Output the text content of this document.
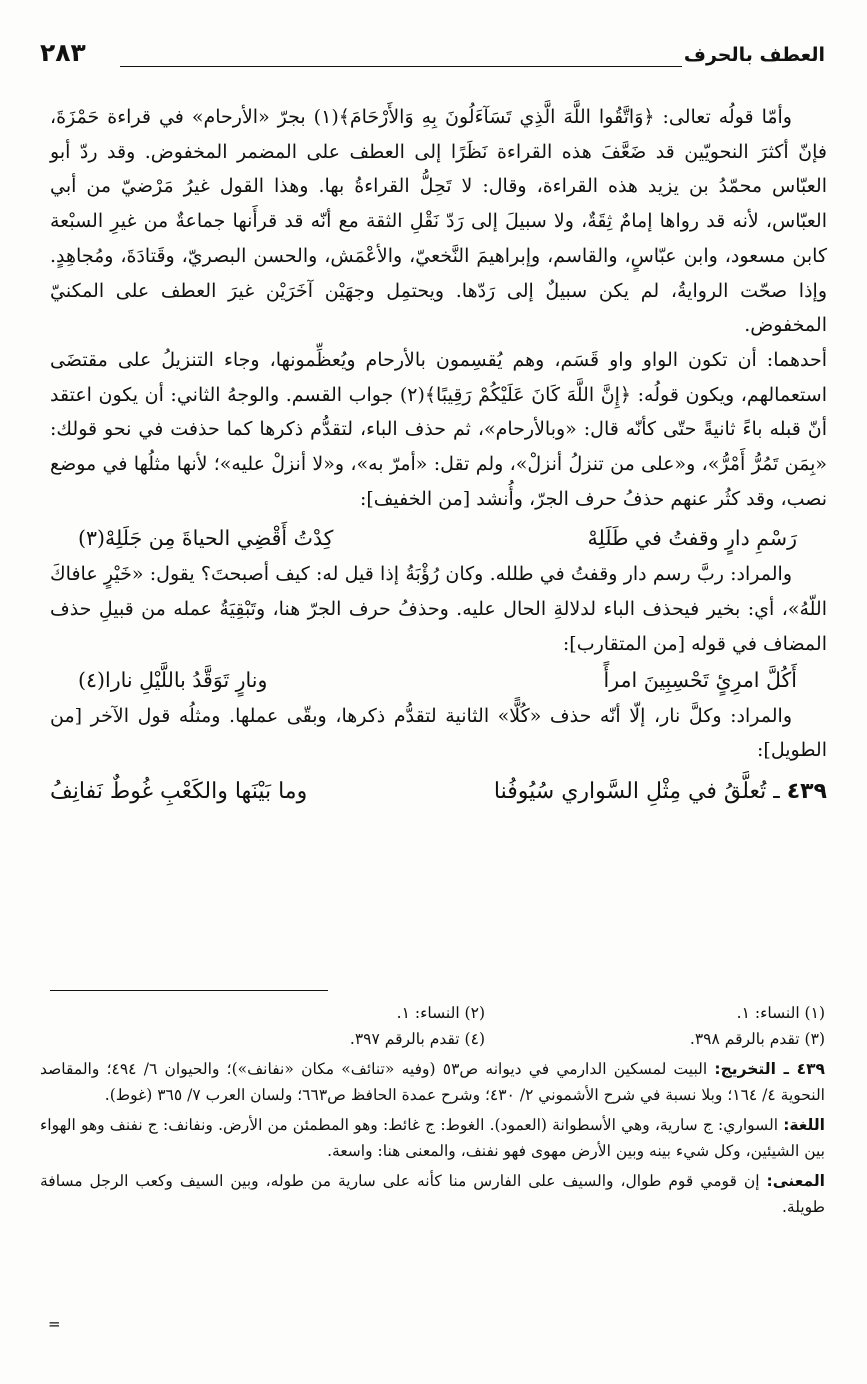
العطف بالحرف
٢٨٣

وأمّا قولُه تعالى: ﴿وَاتَّقُوا اللَّهَ الَّذِي تَسَآءَلُونَ بِهِ وَالأَرْحَامَ﴾(١) بجرّ «الأرحام» في قراءة حَمْزَةَ، فإنّ أكثرَ النحويّين قد ضَعَّفَ هذه القراءة نَظَرًا إلى العطف على المضمر المخفوض. وقد ردّ أبو العبّاس محمّدُ بن يزيد هذه القراءة، وقال: لا تَحِلُّ القراءةُ بها. وهذا القول غيرُ مَرْضيّ من أبي العبّاس، لأنه قد رواها إمامٌ ثِقَةٌ، ولا سبيلَ إلى رَدّ نَقْلِ الثقة مع أنّه قد قرأَنها جماعةٌ من غيرِ السبْعة كابن مسعود، وابن عبّاسٍ، والقاسم، وإبراهيمَ النَّخعيّ، والأعْمَش، والحسن البصريّ، وقَتادَةَ، ومُجاهِدٍ. وإذا صحّت الروايةُ، لم يكن سبيلٌ إلى رَدّها. ويحتمِل وجهَيْن آخَرَيْن غيرَ العطف على المكنيّ المخفوض.

أحدهما: أن تكون الواو واو قَسَم، وهم يُقسِمون بالأرحام ويُعظِّمونها، وجاء التنزيلُ على مقتضَى استعمالهم، ويكون قولُه: ﴿إِنَّ اللَّهَ كَانَ عَلَيْكُمْ رَقِيبًا﴾(٢) جواب القسم. والوجهُ الثاني: أن يكون اعتقد أنّ قبله باءً ثانيةً حتّى كأنّه قال: «وبالأرحام»، ثم حذف الباء، لتقدُّم ذكرها كما حذفت في نحو قولك: «بِمَن تَمُرُّ أَمْرُّ»، و«على من تنزلُ أنزلْ»، ولم تقل: «أمرّ به»، و«لا أنزلْ عليه»؛ لأنها مثلُها في موضع نصب، وقد كثُر عنهم حذفُ حرف الجرّ، وأُنشد [من الخفيف]:

رَسْمِ دارٍ وقفتُ في طَلَلِهْ
كِدْتُ أَقْضِي الحياةَ مِن جَلَلِهْ(٣)

والمراد: ربَّ رسم دار وقفتُ في طلله. وكان رُؤْبَةُ إذا قيل له: كيف أصبحتَ؟ يقول: «خَيْرٍ عافاكَ اللّهُ»، أي: بخير فيحذف الباء لدلالةِ الحال عليه. وحذفُ حرف الجرّ هنا، وتَبْقِيَةُ عمله من قبيلِ حذف المضاف في قوله [من المتقارب]:

أَكُلَّ امرِئٍ تَحْسِبِينَ امرأً
ونارٍ تَوَقَّدُ باللَّيْلِ نارا(٤)

والمراد: وكلَّ نار، إلّا أنّه حذف «كُلًّا» الثانية لتقدُّم ذكرها، وبقّى عملها. ومثلُه قول الآخر [من الطويل]:

٤٣٩ ـ تُعلَّقُ في مِثْلِ السَّواري سُيُوفُنا
وما بَيْنَها والكَعْبِ غُوطٌ نَفانِفُ
(١) النساء: ١.
(٢) النساء: ١.
(٣) تقدم بالرقم ٣٩٨.
(٤) تقدم بالرقم ٣٩٧.

٤٣٩ ـ التخريج: البيت لمسكين الدارمي في ديوانه ص٥٣ (وفيه «تنائف» مكان «نفانف»)؛ والحيوان ٦/ ٤٩٤؛ والمقاصد النحوية ٤/ ١٦٤؛ وبلا نسبة في شرح الأشموني ٢/ ٤٣٠؛ وشرح عمدة الحافظ ص٦٦٣؛ ولسان العرب ٧/ ٣٦٥ (غوط).

اللغة: السواري: ج سارية، وهي الأسطوانة (العمود). الغوط: ج غائط: وهو المطمئن من الأرض. ونفانف: ج نفنف وهو الهواء بين الشيئين، وكل شيء بينه وبين الأرض مهوى فهو نفنف، والمعنى هنا: واسعة.

المعنى: إن قومي قوم طوال، والسيف على الفارس منا كأنه على سارية من طوله، وبين السيف وكعب الرجل مسافة طويلة.

=
